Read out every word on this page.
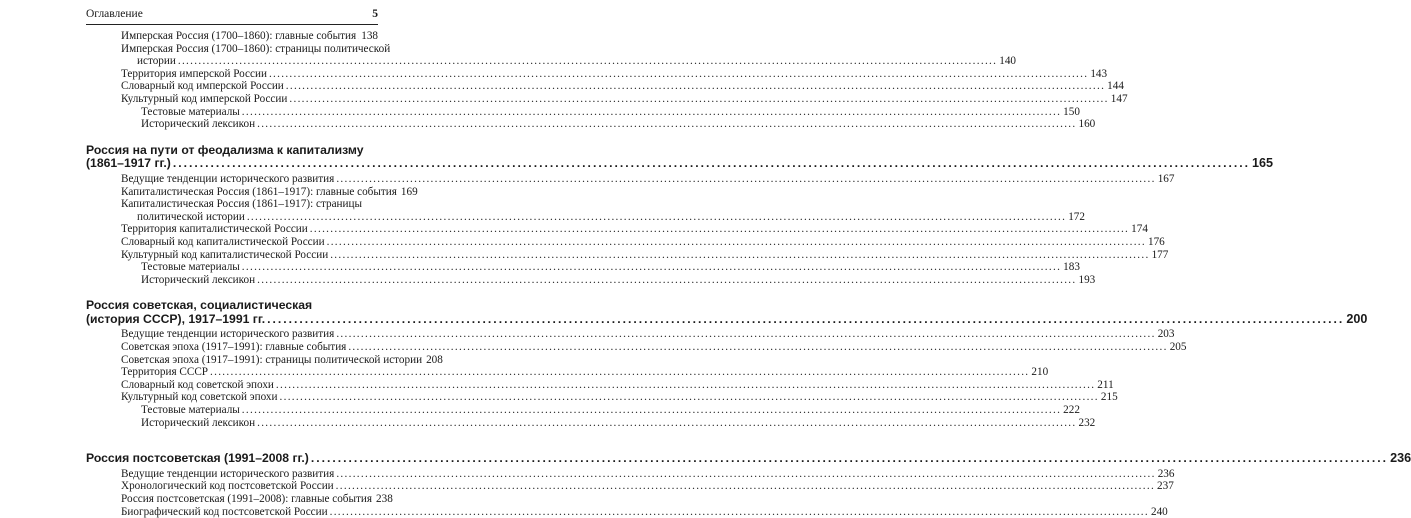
Оглавление	5
Имперская Россия (1700–1860): главные события 138
Имперская Россия (1700–1860): страницы политической
истории ........................................................................................................................................................................................................ 140
Территория имперской России ........................................................................................................................................................................................................ 143
Словарный код имперской России ........................................................................................................................................................................................................ 144
Культурный код имперской России ........................................................................................................................................................................................................ 147
Тестовые материалы ........................................................................................................................................................................................................ 150
Исторический лексикон ........................................................................................................................................................................................................ 160
Россия на пути от феодализма к капитализму
(1861–1917 гг.) ........................................................................................................................................................................................................ 165
Ведущие тенденции исторического развития ........................................................................................................................................................................................................ 167
Капиталистическая Россия (1861–1917): главные события 169
Капиталистическая Россия (1861–1917): страницы
политической истории ........................................................................................................................................................................................................ 172
Территория капиталистической России ........................................................................................................................................................................................................ 174
Словарный код капиталистической России ........................................................................................................................................................................................................ 176
Культурный код капиталистической России ........................................................................................................................................................................................................ 177
Тестовые материалы ........................................................................................................................................................................................................ 183
Исторический лексикон ........................................................................................................................................................................................................ 193
Россия советская, социалистическая
(история СССР), 1917–1991 гг. ........................................................................................................................................................................................................ 200
Ведущие тенденции исторического развития ........................................................................................................................................................................................................ 203
Советская эпоха (1917–1991): главные события ........................................................................................................................................................................................................ 205
Советская эпоха (1917–1991): страницы политической истории 208
Территория СССР ........................................................................................................................................................................................................ 210
Словарный код советской эпохи ........................................................................................................................................................................................................ 211
Культурный код советской эпохи ........................................................................................................................................................................................................ 215
Тестовые материалы ........................................................................................................................................................................................................ 222
Исторический лексикон ........................................................................................................................................................................................................ 232
Россия постсоветская (1991–2008 гг.) ........................................................................................................................................................................................................ 236
Ведущие тенденции исторического развития ........................................................................................................................................................................................................ 236
Хронологический код постсоветской России ........................................................................................................................................................................................................ 237
Россия постсоветская (1991–2008): главные события 238
Биографический код постсоветской России ........................................................................................................................................................................................................ 240
